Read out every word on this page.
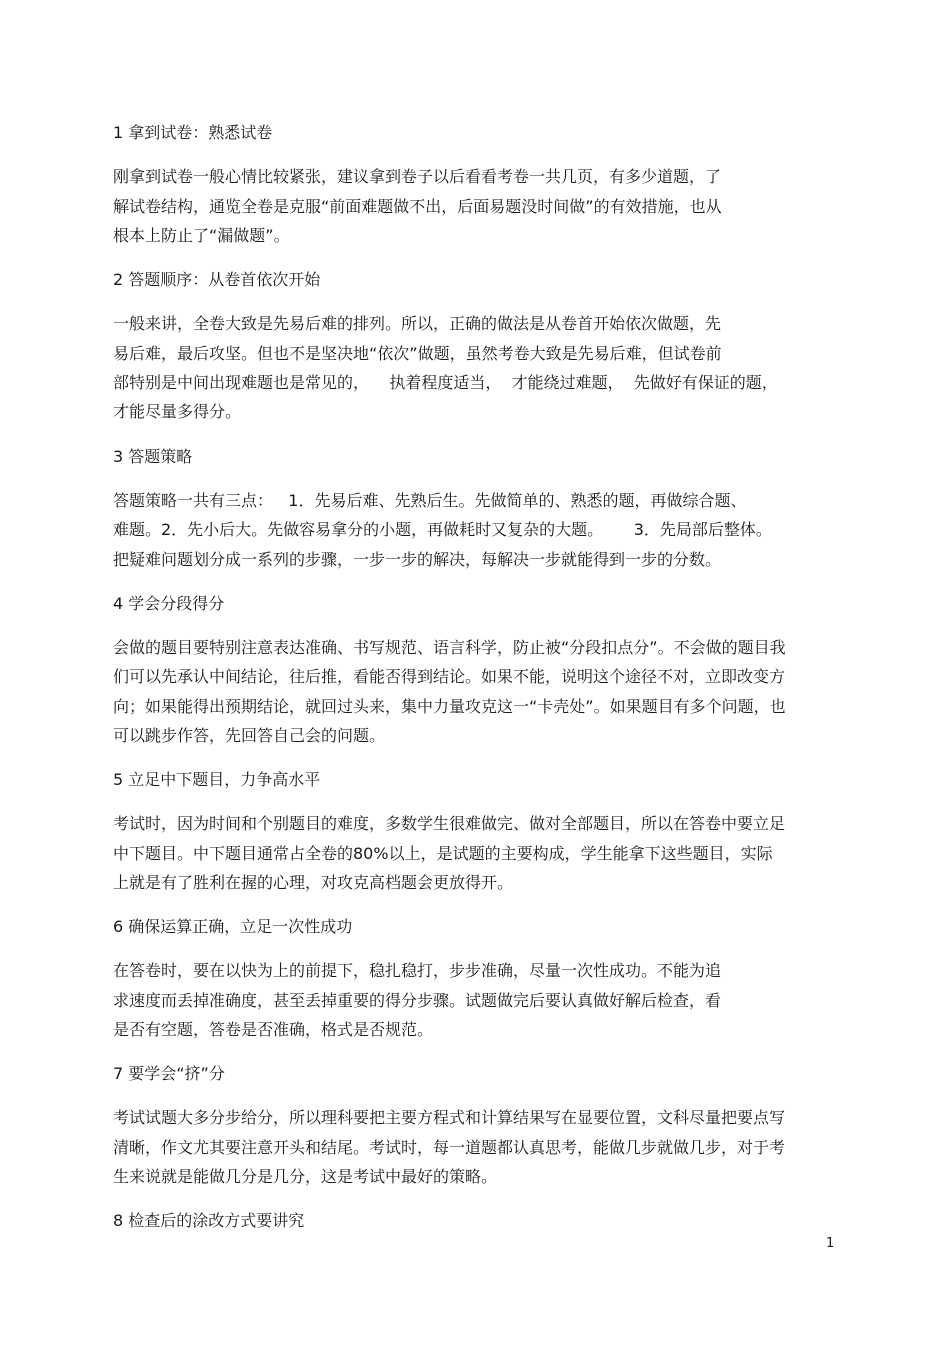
1 拿到试卷：熟悉试卷
刚拿到试卷一般心情比较紧张，建议拿到卷子以后看看考卷一共几页，有多少道题，了
解试卷结构，通览全卷是克服“前面难题做不出，后面易题没时间做”的有效措施，也从
根本上防止了“漏做题”。
2 答题顺序：从卷首依次开始
一般来讲，全卷大致是先易后难的排列。所以，正确的做法是从卷首开始依次做题，先
易后难，最后攻坚。但也不是坚决地“依次”做题，虽然考卷大致是先易后难，但试卷前
部特别是中间出现难题也是常见的，    执着程度适当，  才能绕过难题，  先做好有保证的题，
才能尽量多得分。
3 答题策略
答题策略一共有三点：   1．先易后难、先熟后生。先做简单的、熟悉的题，再做综合题、
难题。2．先小后大。先做容易拿分的小题，再做耗时又复杂的大题。      3．先局部后整体。
把疑难问题划分成一系列的步骤，一步一步的解决，每解决一步就能得到一步的分数。
4 学会分段得分
会做的题目要特别注意表达准确、书写规范、语言科学，防止被“分段扣点分”。不会做的题目我
们可以先承认中间结论，往后推，看能否得到结论。如果不能，说明这个途径不对，立即改变方
向；如果能得出预期结论，就回过头来，集中力量攻克这一“卡壳处”。如果题目有多个问题，也
可以跳步作答，先回答自己会的问题。
5 立足中下题目，力争高水平
考试时，因为时间和个别题目的难度，多数学生很难做完、做对全部题目，所以在答卷中要立足
中下题目。中下题目通常占全卷的80%以上，是试题的主要构成，学生能拿下这些题目，实际
上就是有了胜利在握的心理，对攻克高档题会更放得开。
6 确保运算正确，立足一次性成功
在答卷时，要在以快为上的前提下，稳扎稳打，步步准确，尽量一次性成功。不能为追
求速度而丢掉准确度，甚至丢掉重要的得分步骤。试题做完后要认真做好解后检查，看
是否有空题，答卷是否准确，格式是否规范。
7 要学会“挤”分
考试试题大多分步给分，所以理科要把主要方程式和计算结果写在显要位置，文科尽量把要点写
清晰，作文尤其要注意开头和结尾。考试时，每一道题都认真思考，能做几步就做几步，对于考
生来说就是能做几分是几分，这是考试中最好的策略。
8 检查后的涂改方式要讲究
1
